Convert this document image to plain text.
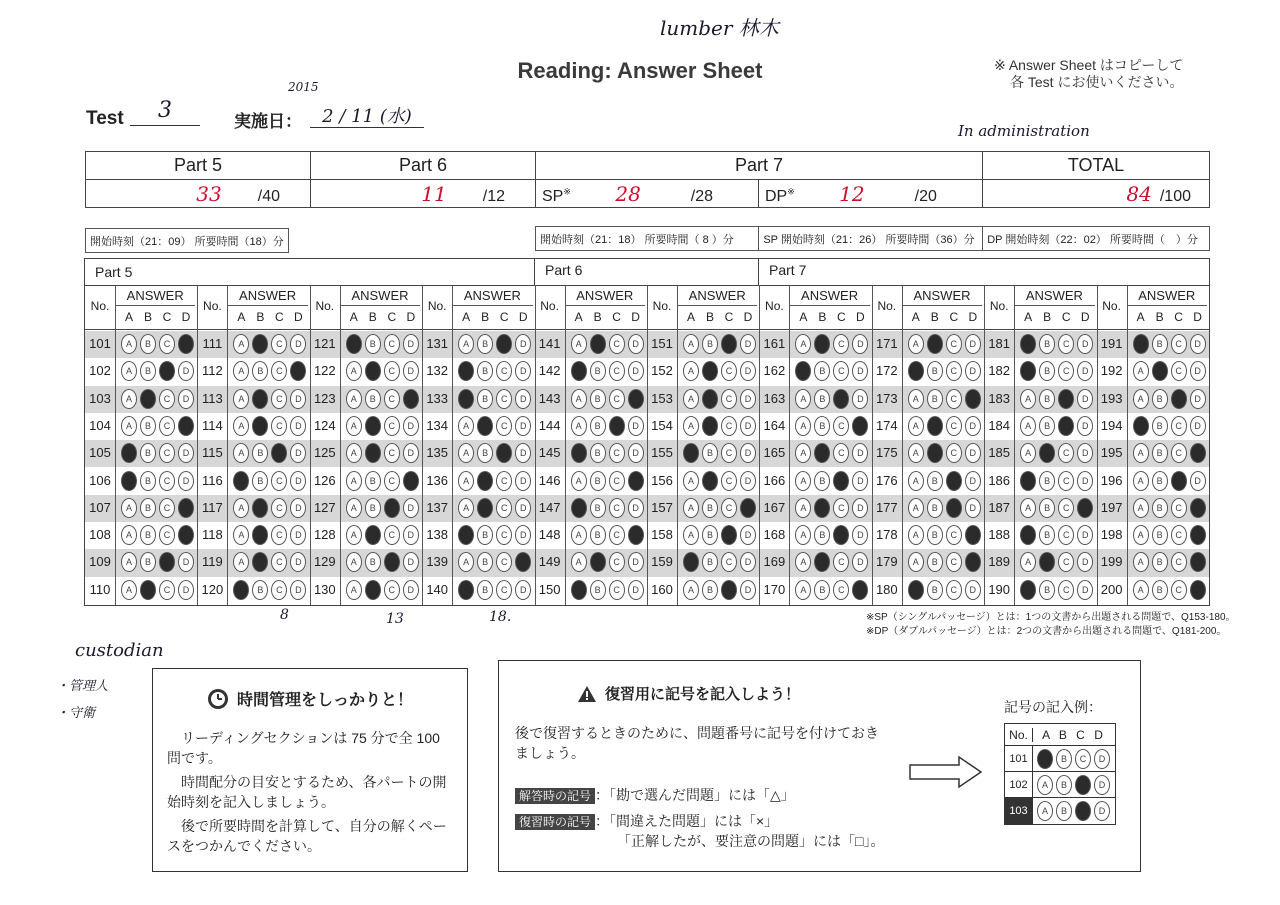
lumber 林木
Reading: Answer Sheet	※ Answer Sheet はコピーして
各 Test にお使いください。
2015
Test	3	実施日：	2 / 11 (水)
In administration
Part 5	Part 6	Part 7		TOTAL
33 /40	11 /12	SP※ 28 /28	DP※ 12 /20	84 /100
開始時刻（21：09） 所要時間（18）分	開始時刻（21：18） 所要時間（ 8 ）分	SP 開始時刻（21：26） 所要時間（36）分	DP 開始時刻（22：02） 所要時間（　）分
Part 5	Part 6	Part 7
No.
ANSWER
A B C D
101	A	B	C	D
102	A	B	C	D
103	A	B	C	D
104	A	B	C	D
105	A	B	C	D
106	A	B	C	D
107	A	B	C	D
108	A	B	C	D
109	A	B	C	D
110	A	B	C	D
No.
ANSWER
A B C D
111	A	B	C	D
112	A	B	C	D
113	A	B	C	D
114	A	B	C	D
115	A	B	C	D
116	A	B	C	D
117	A	B	C	D
118	A	B	C	D
119	A	B	C	D
120	A	B	C	D
No.
ANSWER
A B C D
121	A	B	C	D
122	A	B	C	D
123	A	B	C	D
124	A	B	C	D
125	A	B	C	D
126	A	B	C	D
127	A	B	C	D
128	A	B	C	D
129	A	B	C	D
130	A	B	C	D
No.
ANSWER
A B C D
131	A	B	C	D
132	A	B	C	D
133	A	B	C	D
134	A	B	C	D
135	A	B	C	D
136	A	B	C	D
137	A	B	C	D
138	A	B	C	D
139	A	B	C	D
140	A	B	C	D
No.
ANSWER
A B C D
141	A	B	C	D
142	A	B	C	D
143	A	B	C	D
144	A	B	C	D
145	A	B	C	D
146	A	B	C	D
147	A	B	C	D
148	A	B	C	D
149	A	B	C	D
150	A	B	C	D
No.
ANSWER
A B C D
151	A	B	C	D
152	A	B	C	D
153	A	B	C	D
154	A	B	C	D
155	A	B	C	D
156	A	B	C	D
157	A	B	C	D
158	A	B	C	D
159	A	B	C	D
160	A	B	C	D
No.
ANSWER
A B C D
161	A	B	C	D
162	A	B	C	D
163	A	B	C	D
164	A	B	C	D
165	A	B	C	D
166	A	B	C	D
167	A	B	C	D
168	A	B	C	D
169	A	B	C	D
170	A	B	C	D
No.
ANSWER
A B C D
171	A	B	C	D
172	A	B	C	D
173	A	B	C	D
174	A	B	C	D
175	A	B	C	D
176	A	B	C	D
177	A	B	C	D
178	A	B	C	D
179	A	B	C	D
180	A	B	C	D
No.
ANSWER
A B C D
181	A	B	C	D
182	A	B	C	D
183	A	B	C	D
184	A	B	C	D
185	A	B	C	D
186	A	B	C	D
187	A	B	C	D
188	A	B	C	D
189	A	B	C	D
190	A	B	C	D
No.
ANSWER
A B C D
191	A	B	C	D
192	A	B	C	D
193	A	B	C	D
194	A	B	C	D
195	A	B	C	D
196	A	B	C	D
197	A	B	C	D
198	A	B	C	D
199	A	B	C	D
200	A	B	C	D
8	13	18.	※SP（シングルパッセージ）とは：1つの文書から出題される問題で、Q153-180。
※DP（ダブルパッセージ）とは：2つの文書から出題される問題で、Q181-200。
custodian
・管理人
・守衛
時間管理をしっかりと！
リーディングセクションは 75 分で全 100 問です。
時間配分の目安とするため、各パートの開始時刻を記入しましょう。
後で所要時間を計算して、自分の解くペースをつかんでください。
復習用に記号を記入しよう！
後で復習するときのために、問題番号に記号を付けておきましょう。
解答時の記号 ：「勘で選んだ問題」には「△」
復習時の記号 ：「間違えた問題」には「×」
「正解したが、要注意の問題」には「□」。
記号の記入例：
No.	A B C D
101	A	B	C	D
102	A	B	C	D
103	A	B	C	D
